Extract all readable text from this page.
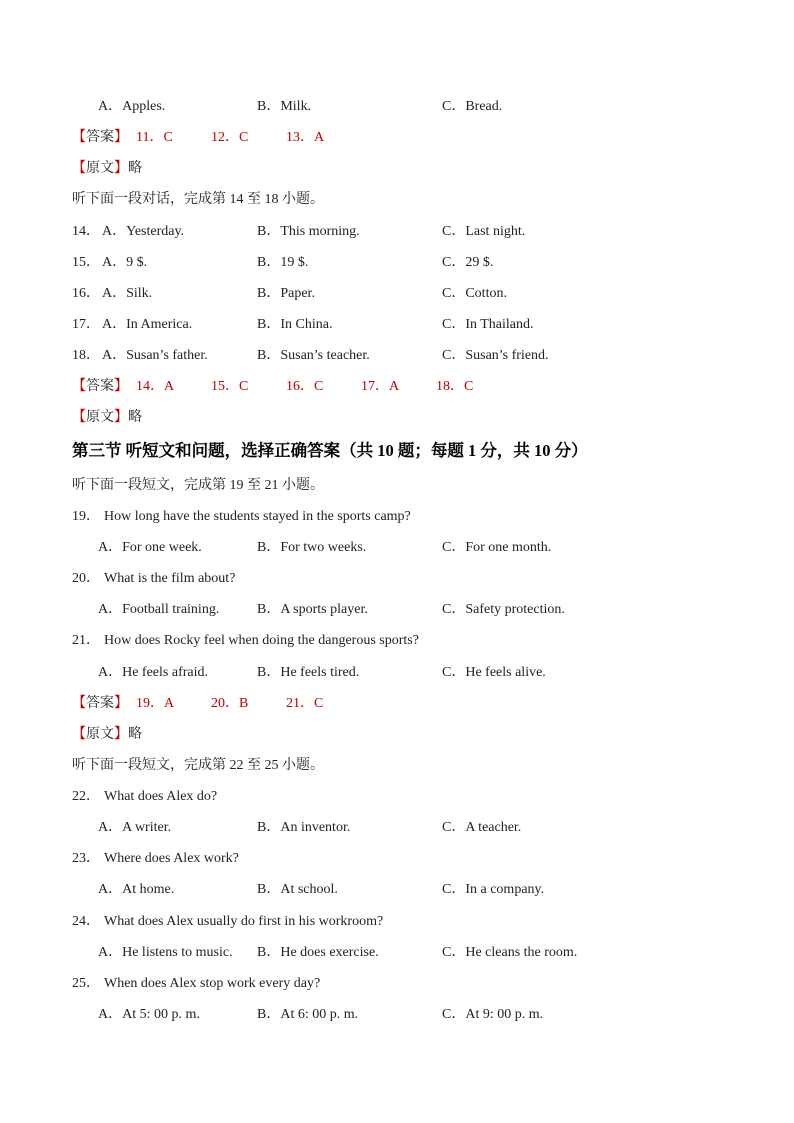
A．Apples.	B．Milk.	C．Bread.
【答案】 11．C	12．C	13．A
【原文】略
听下面一段对话，完成第 14 至 18 小题。
14． A．Yesterday.	B．This morning.	C．Last night.
15． A．9 $.	B．19 $.	C．29 $.
16． A．Silk.	B．Paper.	C．Cotton.
17． A．In America.	B．In China.	C．In Thailand.
18． A．Susan’s father.	B．Susan’s teacher.	C．Susan’s friend.
【答案】 14．A	15．C	16．C	17．A	18．C
【原文】略
第三节 听短文和问题，选择正确答案（共 10 题；每题 1 分，共 10 分）
听下面一段短文，完成第 19 至 21 小题。
19． How long have the students stayed in the sports camp?
A．For one week.	B．For two weeks.	C．For one month.
20． What is the film about?
A．Football training.	B．A sports player.	C．Safety protection.
21． How does Rocky feel when doing the dangerous sports?
A．He feels afraid.	B．He feels tired.	C．He feels alive.
【答案】 19．A	20．B	21．C
【原文】略
听下面一段短文，完成第 22 至 25 小题。
22． What does Alex do?
A．A writer.	B．An inventor.	C．A teacher.
23． Where does Alex work?
A．At home.	B．At school.	C．In a company.
24． What does Alex usually do first in his workroom?
A．He listens to music. B．He does exercise.	C．He cleans the room.
25． When does Alex stop work every day?
A．At 5: 00 p. m.	B．At 6: 00 p. m.	C．At 9: 00 p. m.
